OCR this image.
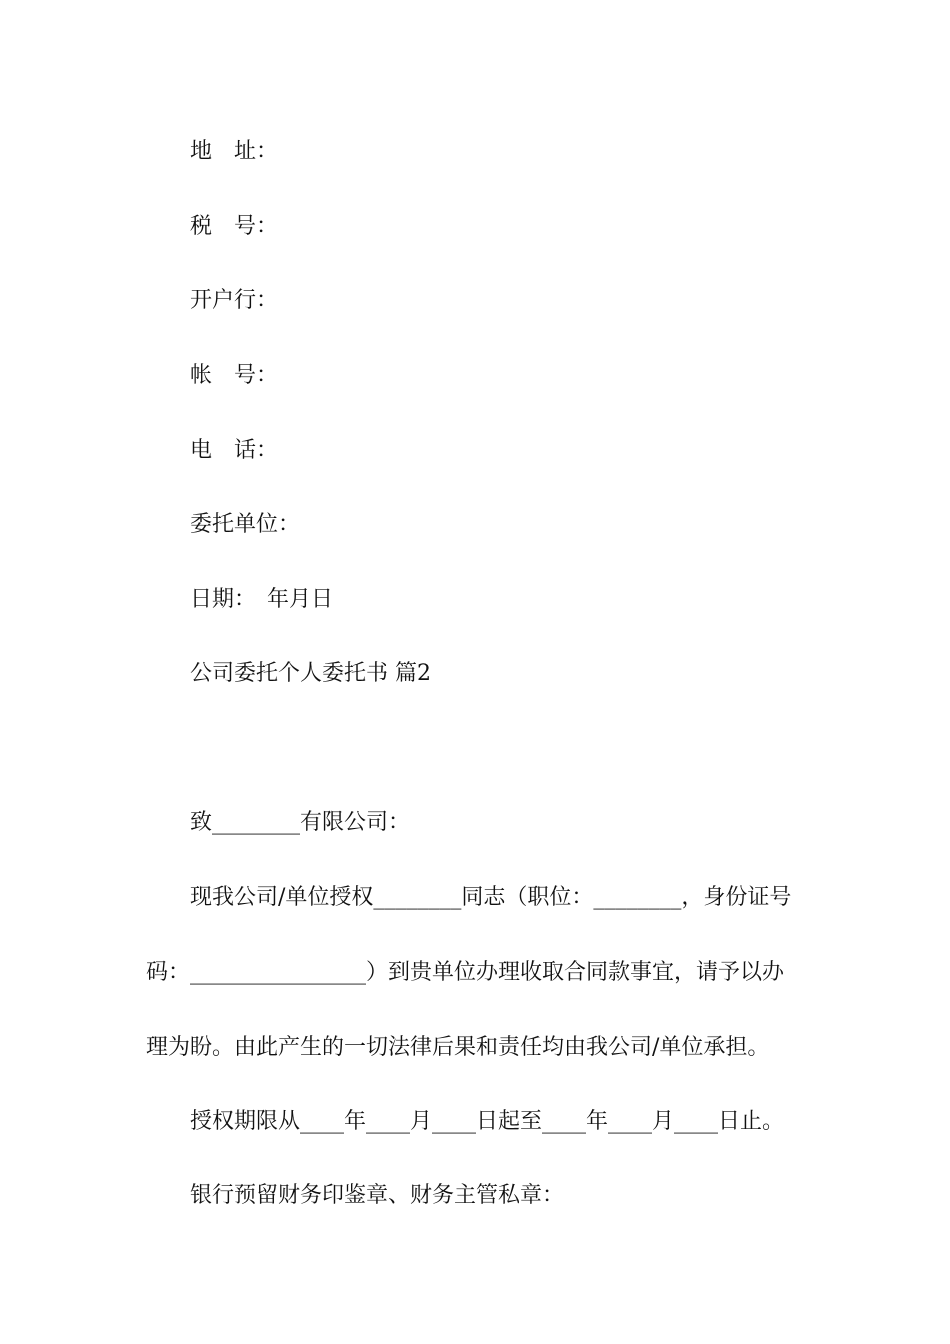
地　址：

税　号：

开户行：

帐　号：

电　话：

委托单位：

日期：　年月日

公司委托个人委托书 篇2

致________有限公司：

现我公司/单位授权________同志（职位：________，身份证号

码：________________）到贵单位办理收取合同款事宜，请予以办

理为盼。由此产生的一切法律后果和责任均由我公司/单位承担。

授权期限从____年____月____日起至____年____月____日止。

银行预留财务印鉴章、财务主管私章：
